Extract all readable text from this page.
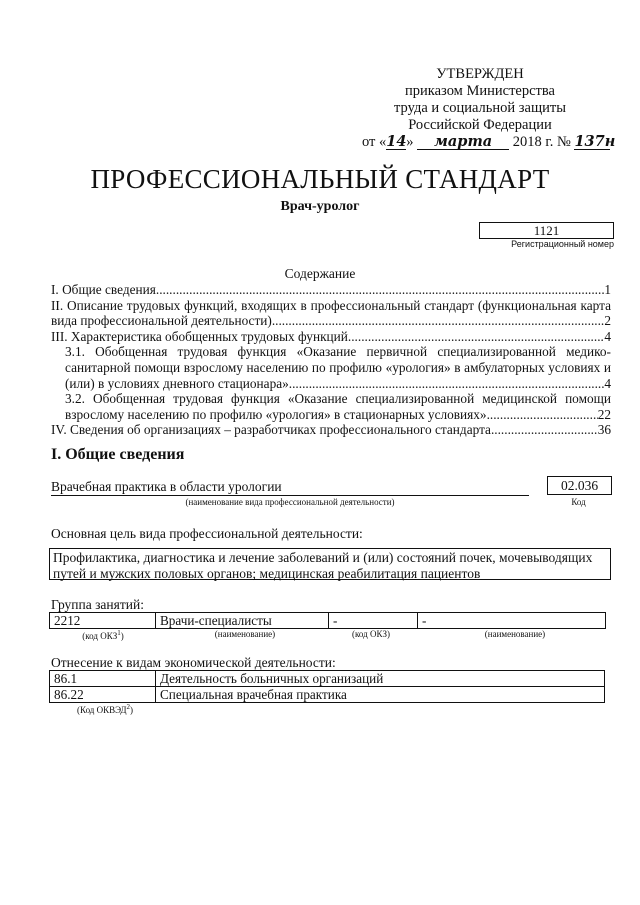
УТВЕРЖДЕН
приказом Министерства
труда и социальной защиты
Российской Федерации
от «14» марта 2018 г. № 137н
ПРОФЕССИОНАЛЬНЫЙ СТАНДАРТ
Врач-уролог
1121
Регистрационный номер
Содержание
I. Общие сведения .....	1
II. Описание трудовых функций, входящих в профессиональный стандарт (функциональная карта
вида профессиональной деятельности) .....	2
III. Характеристика обобщенных трудовых функций .....	4
3.1. Обобщенная трудовая функция «Оказание первичной специализированной медико-
санитарной помощи взрослому населению по профилю «урология» в амбулаторных условиях и
(или) в условиях дневного стационара» .....	4
3.2. Обобщенная трудовая функция «Оказание специализированной медицинской помощи
взрослому населению по профилю «урология» в стационарных условиях» .....	22
IV. Сведения об организациях – разработчиках профессионального стандарта .....	36
I. Общие сведения
Врачебная практика в области урологии
(наименование вида профессиональной деятельности)
02.036
Код
Основная цель вида профессиональной деятельности:
Профилактика, диагностика и лечение заболеваний и (или) состояний почек, мочевыводящих путей и мужских половых органов; медицинская реабилитация пациентов
Группа занятий:
2212	Врачи-специалисты	-	-
(код ОКЗ$^1$)	(наименование)	(код ОКЗ)	(наименование)
Отнесение к видам экономической деятельности:
86.1	Деятельность больничных организаций
86.22	Специальная врачебная практика
(Код ОКВЭД$^2$)
